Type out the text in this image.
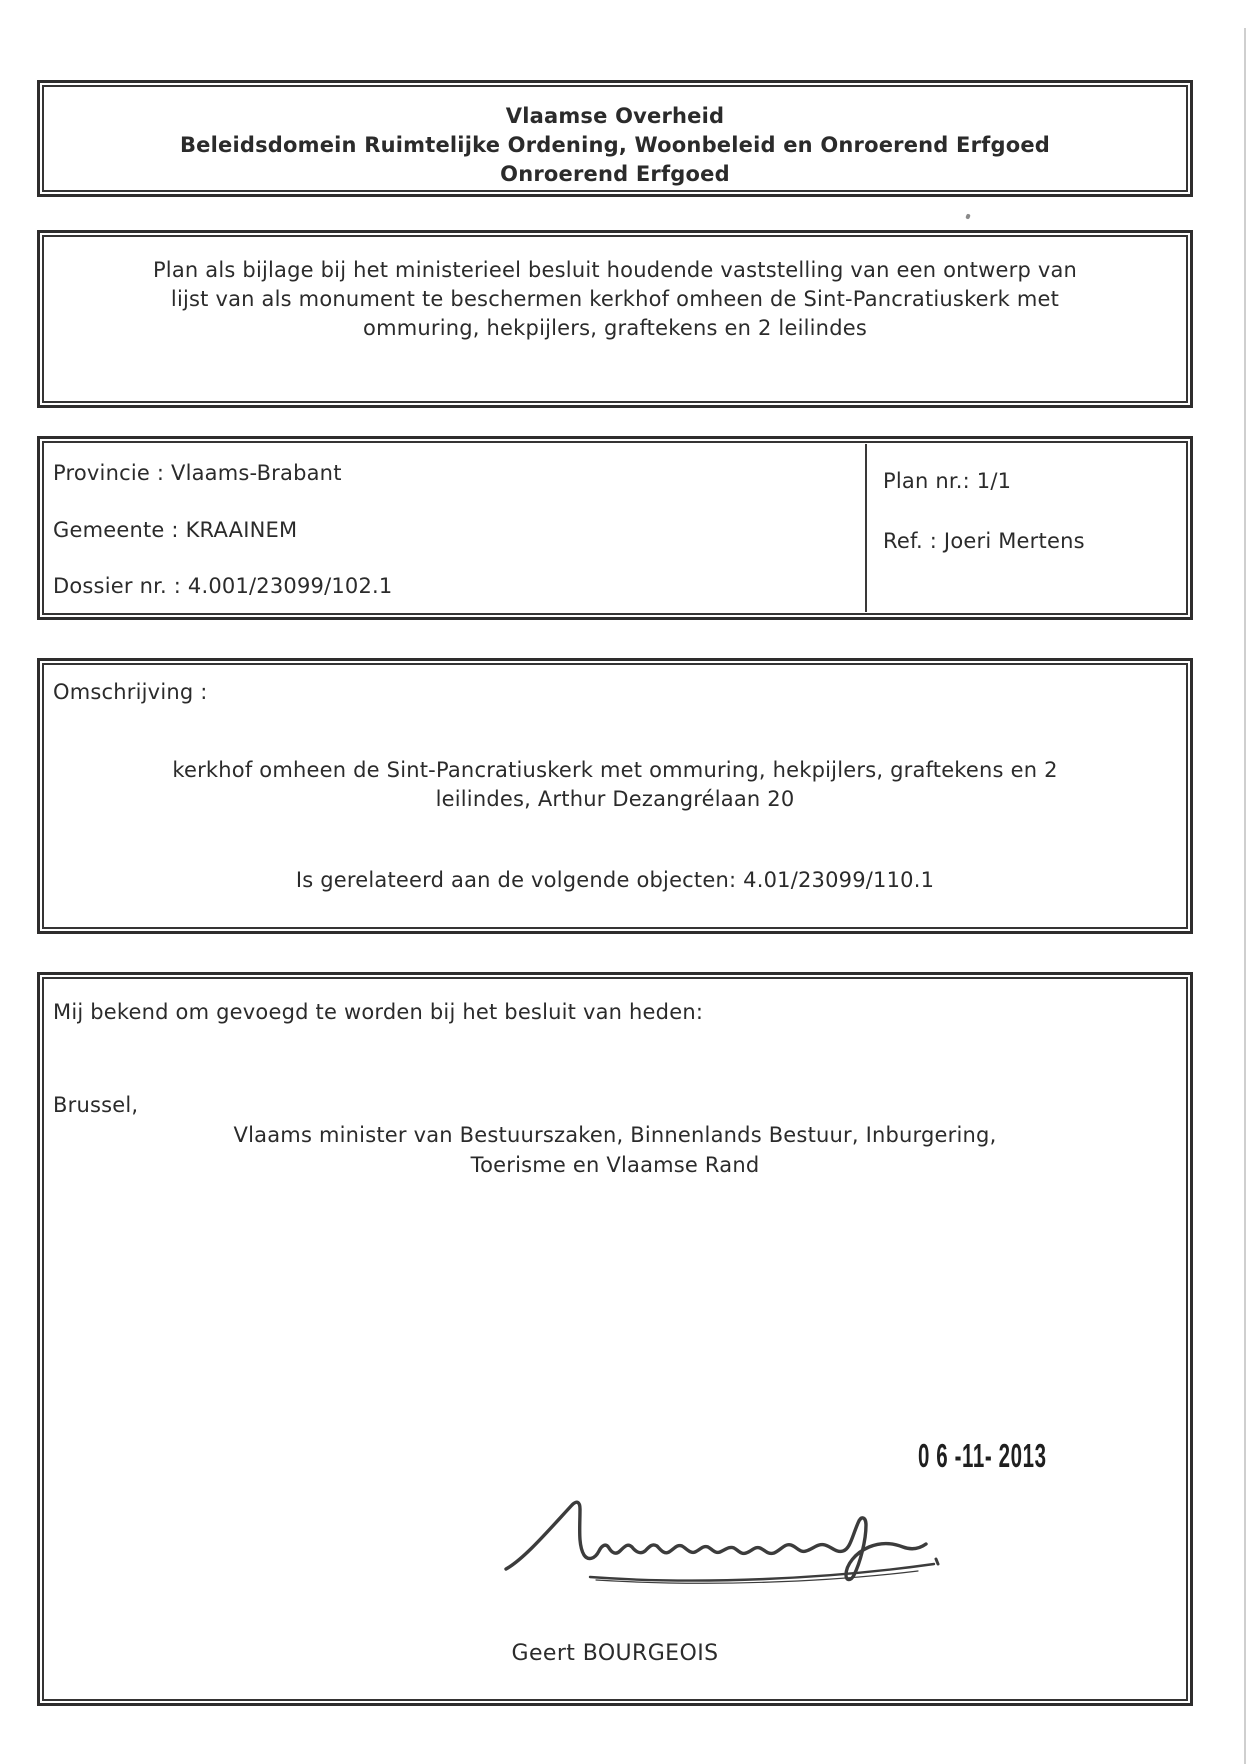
Vlaamse Overheid
Beleidsdomein Ruimtelijke Ordening, Woonbeleid en Onroerend Erfgoed
Onroerend Erfgoed
Plan als bijlage bij het ministerieel besluit houdende vaststelling van een ontwerp van
lijst van als monument te beschermen kerkhof omheen de Sint-Pancratiuskerk met
ommuring, hekpijlers, graftekens en 2 leilindes
Provincie : Vlaams-Brabant
Gemeente : KRAAINEM
Dossier nr. : 4.001/23099/102.1
Plan nr.: 1/1
Ref. : Joeri Mertens
Omschrijving :
kerkhof omheen de Sint-Pancratiuskerk met ommuring, hekpijlers, graftekens en 2
leilindes, Arthur Dezangrélaan 20
Is gerelateerd aan de volgende objecten: 4.01/23099/110.1
Mij bekend om gevoegd te worden bij het besluit van heden:
Brussel,
Vlaams minister van Bestuurszaken, Binnenlands Bestuur, Inburgering,
Toerisme en Vlaamse Rand
0 6 -11- 2013
Geert BOURGEOIS
